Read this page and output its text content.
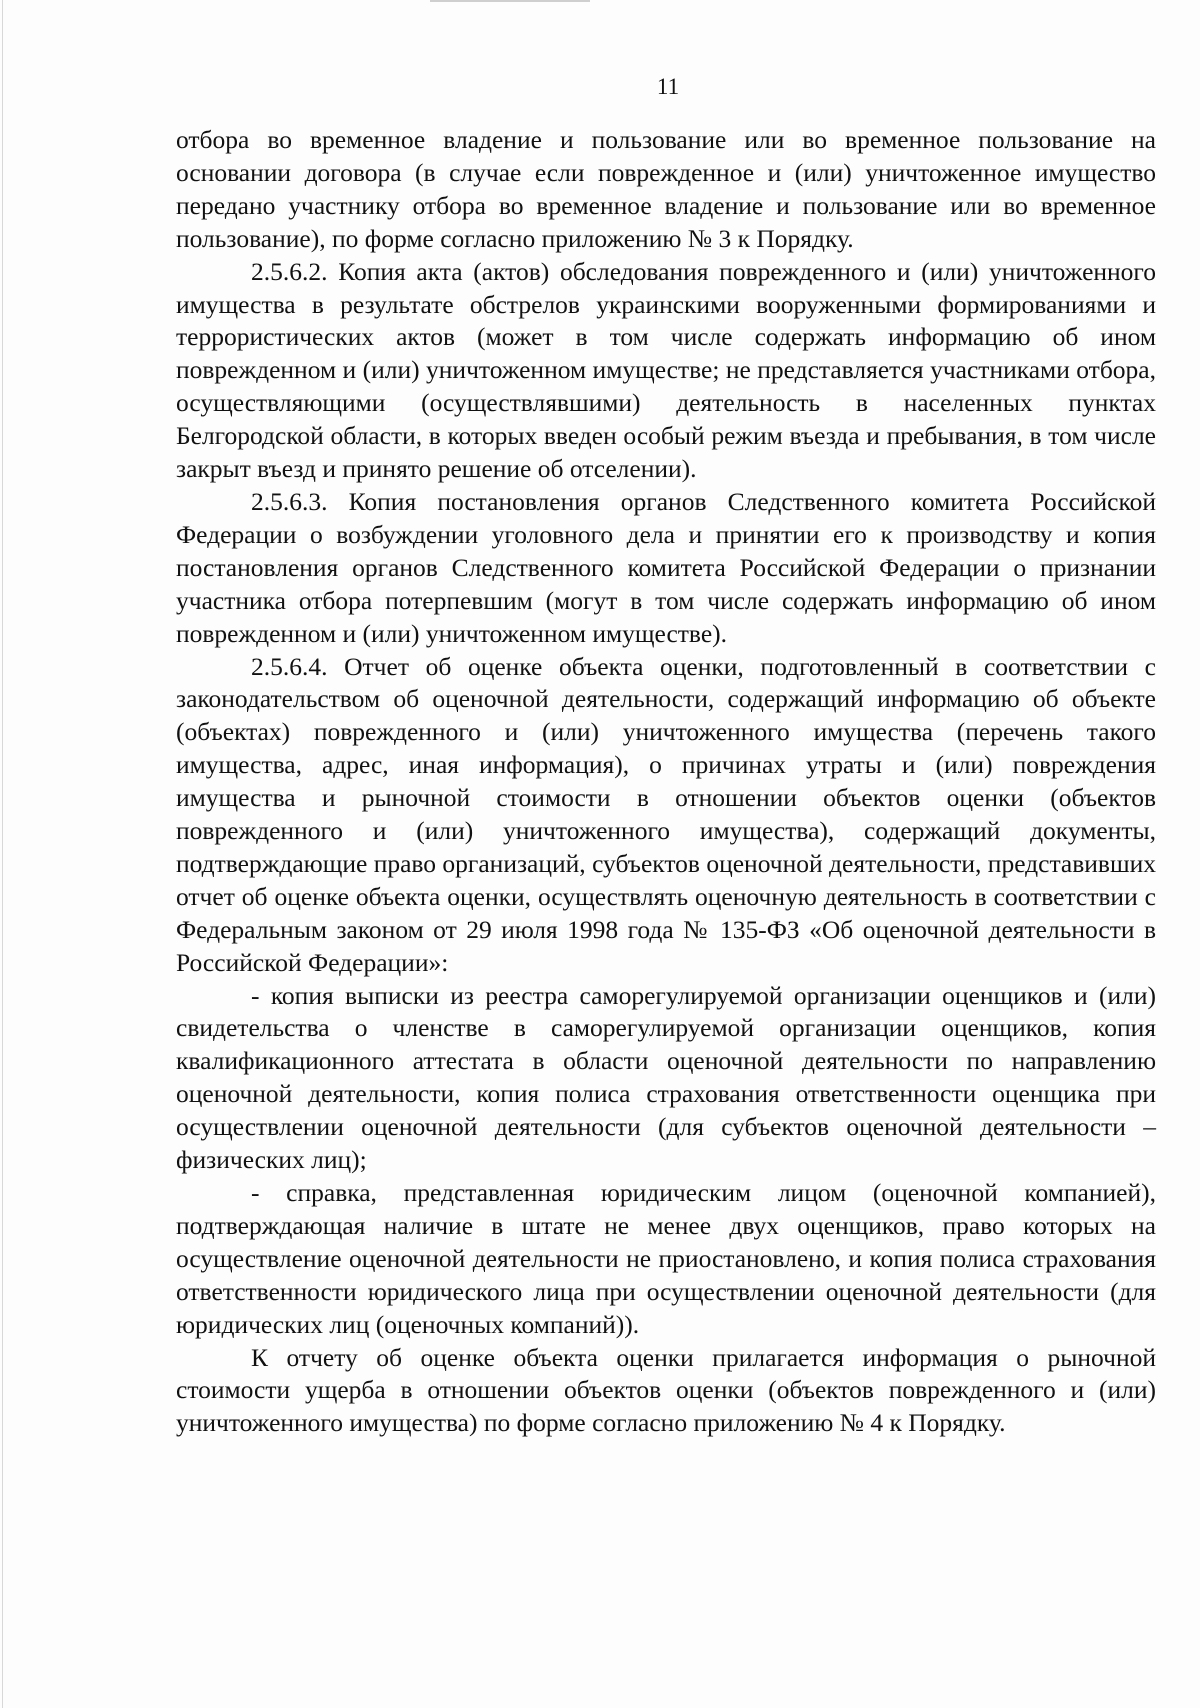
11

отбора во временное владение и пользование или во временное пользование на основании договора (в случае если поврежденное и (или) уничтоженное имущество передано участнику отбора во временное владение и пользование или во временное пользование), по форме согласно приложению № 3 к Порядку.

2.5.6.2. Копия акта (актов) обследования поврежденного и (или) уничтоженного имущества в результате обстрелов украинскими вооруженными формированиями и террористических актов (может в том числе содержать информацию об ином поврежденном и (или) уничтоженном имуществе; не представляется участниками отбора, осуществляющими (осуществлявшими) деятельность в населенных пунктах Белгородской области, в которых введен особый режим въезда и пребывания, в том числе закрыт въезд и принято решение об отселении).

2.5.6.3. Копия постановления органов Следственного комитета Российской Федерации о возбуждении уголовного дела и принятии его к производству и копия постановления органов Следственного комитета Российской Федерации о признании участника отбора потерпевшим (могут в том числе содержать информацию об ином поврежденном и (или) уничтоженном имуществе).

2.5.6.4. Отчет об оценке объекта оценки, подготовленный в соответствии с законодательством об оценочной деятельности, содержащий информацию об объекте (объектах) поврежденного и (или) уничтоженного имущества (перечень такого имущества, адрес, иная информация), о причинах утраты и (или) повреждения имущества и рыночной стоимости в отношении объектов оценки (объектов поврежденного и (или) уничтоженного имущества), содержащий документы, подтверждающие право организаций, субъектов оценочной деятельности, представивших отчет об оценке объекта оценки, осуществлять оценочную деятельность в соответствии с Федеральным законом от 29 июля 1998 года № 135-ФЗ «Об оценочной деятельности в Российской Федерации»:

- копия выписки из реестра саморегулируемой организации оценщиков и (или) свидетельства о членстве в саморегулируемой организации оценщиков, копия квалификационного аттестата в области оценочной деятельности по направлению оценочной деятельности, копия полиса страхования ответственности оценщика при осуществлении оценочной деятельности (для субъектов оценочной деятельности – физических лиц);

- справка, представленная юридическим лицом (оценочной компанией), подтверждающая наличие в штате не менее двух оценщиков, право которых на осуществление оценочной деятельности не приостановлено, и копия полиса страхования ответственности юридического лица при осуществлении оценочной деятельности (для юридических лиц (оценочных компаний)).

К отчету об оценке объекта оценки прилагается информация о рыночной стоимости ущерба в отношении объектов оценки (объектов поврежденного и (или) уничтоженного имущества) по форме согласно приложению № 4 к Порядку.
